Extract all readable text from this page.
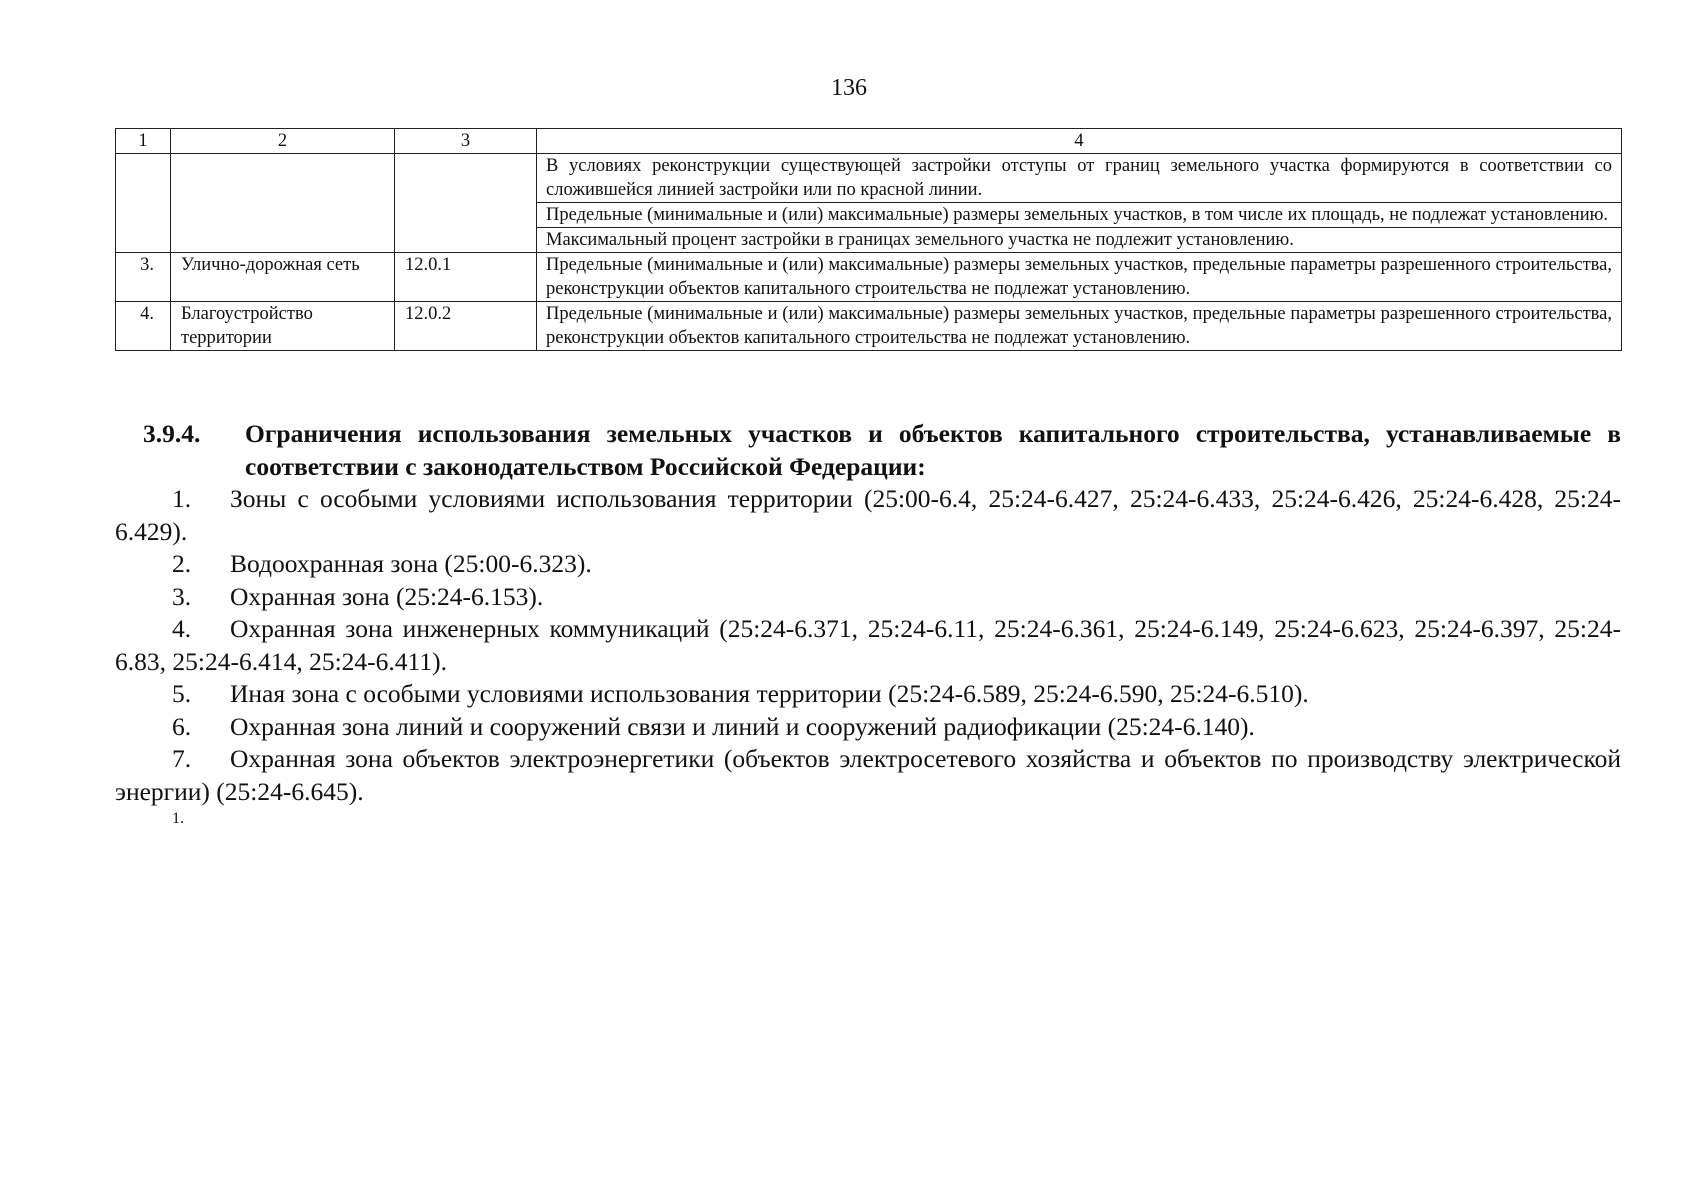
136
1	2	3	4
			В условиях реконструкции существующей застройки отступы от границ земельного участка формируются в соответствии со сложившейся линией застройки или по красной линии.
			Предельные (минимальные и (или) максимальные) размеры земельных участков, в том числе их площадь, не подлежат установлению.
			Максимальный процент застройки в границах земельного участка не подлежит установлению.
3.	Улично-дорожная сеть	12.0.1	Предельные (минимальные и (или) максимальные) размеры земельных участков, предельные параметры разрешенного строительства, реконструкции объектов капитального строительства не подлежат установлению.
4.	Благоустройство территории	12.0.2	Предельные (минимальные и (или) максимальные) размеры земельных участков, предельные параметры разрешенного строительства, реконструкции объектов капитального строительства не подлежат установлению.
3.9.4.	Ограничения использования земельных участков и объектов капитального строительства, устанавливаемые в соответствии с законодательством Российской Федерации:

1. Зоны с особыми условиями использования территории (25:00-6.4, 25:24-6.427, 25:24-6.433, 25:24-6.426, 25:24-6.428, 25:24-6.429).

2. Водоохранная зона (25:00-6.323).

3. Охранная зона (25:24-6.153).

4. Охранная зона инженерных коммуникаций (25:24-6.371, 25:24-6.11, 25:24-6.361, 25:24-6.149, 25:24-6.623, 25:24-6.397, 25:24-6.83, 25:24-6.414, 25:24-6.411).

5. Иная зона с особыми условиями использования территории (25:24-6.589, 25:24-6.590, 25:24-6.510).

6. Охранная зона линий и сооружений связи и линий и сооружений радиофикации (25:24-6.140).

7. Охранная зона объектов электроэнергетики (объектов электросетевого хозяйства и объектов по производству электрической энергии) (25:24-6.645).

1.
